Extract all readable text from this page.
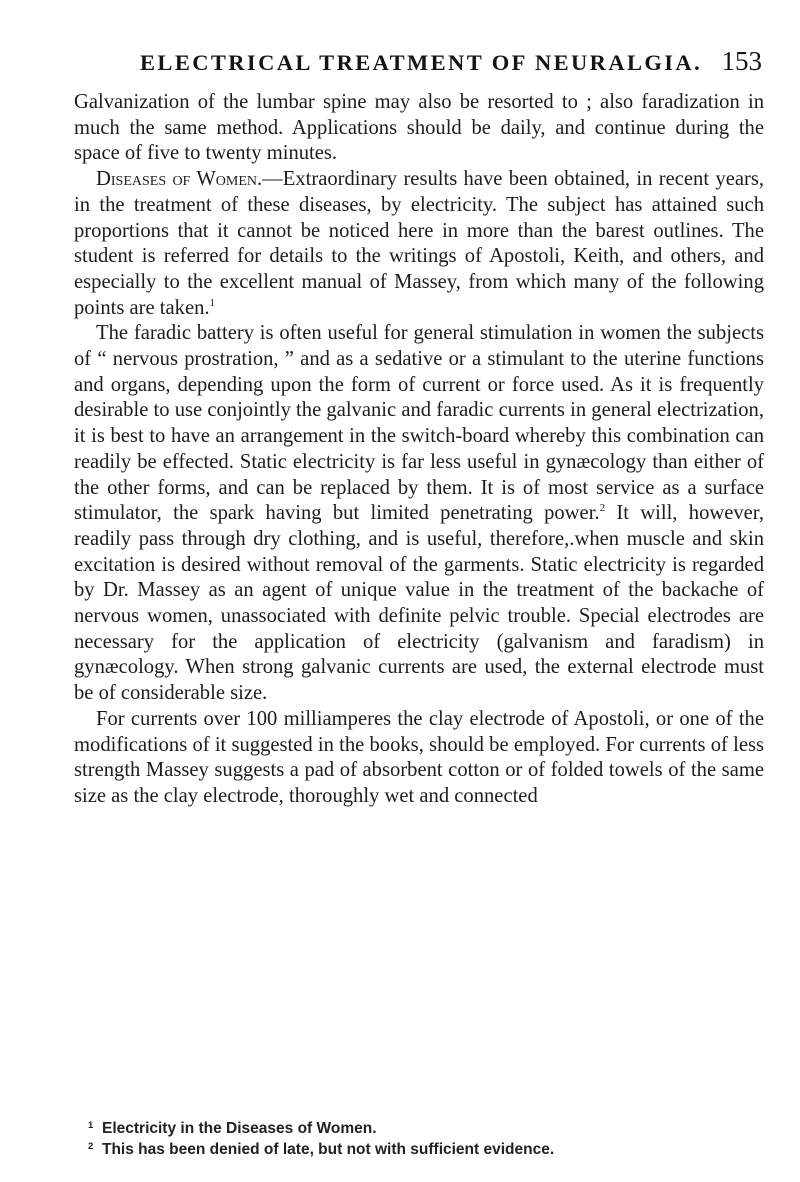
ELECTRICAL TREATMENT OF NEURALGIA. 153

Galvanization of the lumbar spine may also be resorted to ; also faradization in much the same method. Applications should be daily, and continue during the space of five to twenty minutes.

Diseases of Women.—Extraordinary results have been obtained, in recent years, in the treatment of these diseases, by electricity. The subject has attained such proportions that it cannot be noticed here in more than the barest outlines. The student is referred for details to the writings of Apostoli, Keith, and others, and especially to the excellent manual of Massey, from which many of the following points are taken.$^1$

The faradic battery is often useful for general stimulation in women the subjects of “ nervous prostration, ” and as a sedative or a stimulant to the uterine functions and organs, depending upon the form of current or force used. As it is frequently desirable to use conjointly the galvanic and faradic currents in general electrization, it is best to have an arrangement in the switch-board whereby this combination can readily be effected. Static electricity is far less useful in gynæcology than either of the other forms, and can be replaced by them. It is of most service as a surface stimulator, the spark having but limited penetrating power.$^2$ It will, however, readily pass through dry clothing, and is useful, therefore,.when muscle and skin excitation is desired without removal of the garments. Static electricity is regarded by Dr. Massey as an agent of unique value in the treatment of the backache of nervous women, unassociated with definite pelvic trouble. Special electrodes are necessary for the application of electricity (galvanism and faradism) in gynæcology. When strong galvanic currents are used, the external electrode must be of considerable size.

For currents over 100 milliamperes the clay electrode of Apostoli, or one of the modifications of it suggested in the books, should be employed. For currents of less strength Massey suggests a pad of absorbent cotton or of folded towels of the same size as the clay electrode, thoroughly wet and connected

1 Electricity in the Diseases of Women.
2 This has been denied of late, but not with sufficient evidence.
